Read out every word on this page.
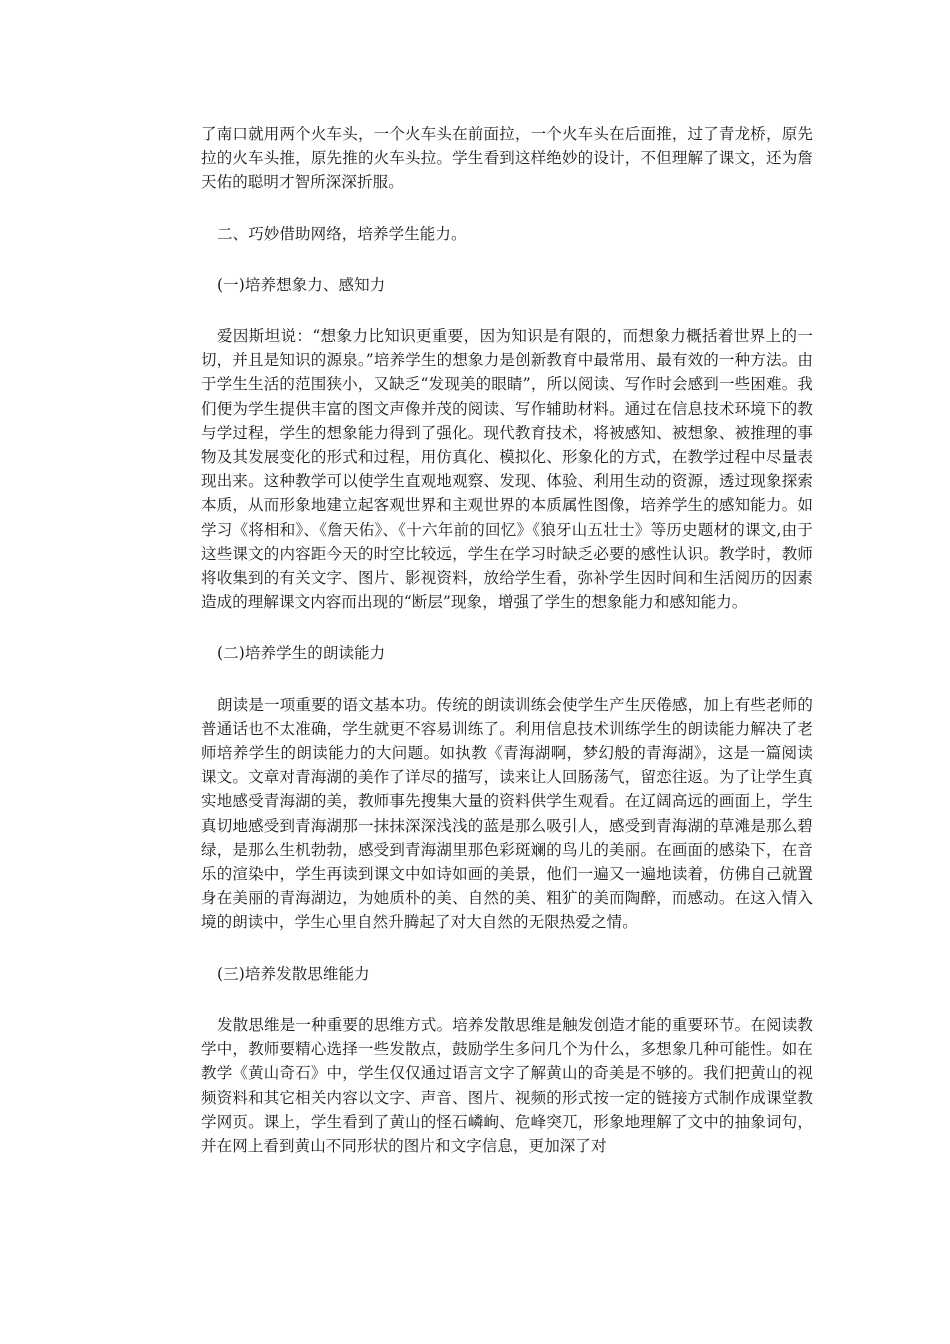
了南口就用两个火车头，一个火车头在前面拉，一个火车头在后面推，过了青龙桥，原先拉的火车头推，原先推的火车头拉。学生看到这样绝妙的设计，不但理解了课文，还为詹天佑的聪明才智所深深折服。

二、巧妙借助网络，培养学生能力。

(一)培养想象力、感知力

爱因斯坦说：“想象力比知识更重要，因为知识是有限的，而想象力概括着世界上的一切，并且是知识的源泉。”培养学生的想象力是创新教育中最常用、最有效的一种方法。由于学生生活的范围狭小，又缺乏“发现美的眼睛”，所以阅读、写作时会感到一些困难。我们便为学生提供丰富的图文声像并茂的阅读、写作辅助材料。通过在信息技术环境下的教与学过程，学生的想象能力得到了强化。现代教育技术，将被感知、被想象、被推理的事物及其发展变化的形式和过程，用仿真化、模拟化、形象化的方式，在教学过程中尽量表现出来。这种教学可以使学生直观地观察、发现、体验、利用生动的资源，透过现象探索本质，从而形象地建立起客观世界和主观世界的本质属性图像，培养学生的感知能力。如学习《将相和》、《詹天佑》、《十六年前的回忆》《狼牙山五壮士》等历史题材的课文,由于这些课文的内容距今天的时空比较远，学生在学习时缺乏必要的感性认识。教学时，教师将收集到的有关文字、图片、影视资料，放给学生看，弥补学生因时间和生活阅历的因素造成的理解课文内容而出现的“断层”现象，增强了学生的想象能力和感知能力。

(二)培养学生的朗读能力

朗读是一项重要的语文基本功。传统的朗读训练会使学生产生厌倦感，加上有些老师的普通话也不太准确，学生就更不容易训练了。利用信息技术训练学生的朗读能力解决了老师培养学生的朗读能力的大问题。如执教《青海湖啊，梦幻般的青海湖》，这是一篇阅读课文。文章对青海湖的美作了详尽的描写，读来让人回肠荡气，留恋往返。为了让学生真实地感受青海湖的美，教师事先搜集大量的资料供学生观看。在辽阔高远的画面上，学生真切地感受到青海湖那一抹抹深深浅浅的蓝是那么吸引人，感受到青海湖的草滩是那么碧绿，是那么生机勃勃，感受到青海湖里那色彩斑斓的鸟儿的美丽。在画面的感染下，在音乐的渲染中，学生再读到课文中如诗如画的美景，他们一遍又一遍地读着，仿佛自己就置身在美丽的青海湖边，为她质朴的美、自然的美、粗犷的美而陶醉，而感动。在这入情入境的朗读中，学生心里自然升腾起了对大自然的无限热爱之情。

(三)培养发散思维能力

发散思维是一种重要的思维方式。培养发散思维是触发创造才能的重要环节。在阅读教学中，教师要精心选择一些发散点，鼓励学生多问几个为什么，多想象几种可能性。如在教学《黄山奇石》中，学生仅仅通过语言文字了解黄山的奇美是不够的。我们把黄山的视频资料和其它相关内容以文字、声音、图片、视频的形式按一定的链接方式制作成课堂教学网页。课上，学生看到了黄山的怪石嶙峋、危峰突兀，形象地理解了文中的抽象词句，并在网上看到黄山不同形状的图片和文字信息，更加深了对
